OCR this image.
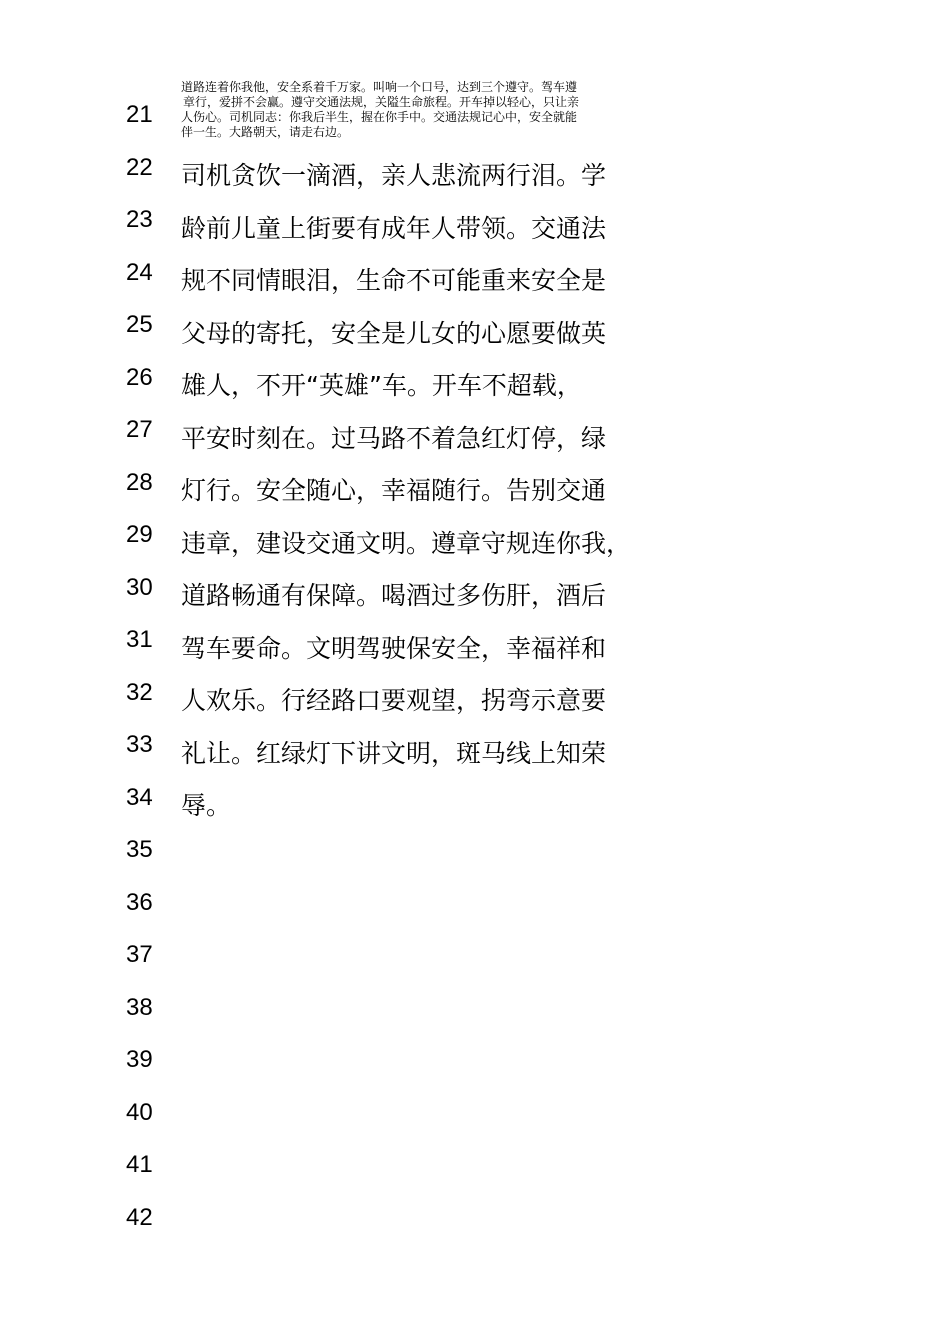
21
22
23
24
25
26
27
28
29
30
31
32
33
34
35
36
37
38
39
40
41
42

道路连着你我他，安全系着千万家。叫响一个口号，达到三个遵守。驾车遵
章行，爱拼不会赢。遵守交通法规，关隘生命旅程。开车掉以轻心，只让亲
人伤心。司机同志：你我后半生，握在你手中。交通法规记心中，安全就能
伴一生。大路朝天，请走右边。

司机贪饮一滴酒，亲人悲流两行泪。学
龄前儿童上街要有成年人带领。交通法
规不同情眼泪，生命不可能重来安全是
父母的寄托，安全是儿女的心愿要做英
雄人，不开“英雄”车。开车不超载，
平安时刻在。过马路不着急红灯停，绿
灯行。安全随心，幸福随行。告别交通
违章，建设交通文明。遵章守规连你我，
道路畅通有保障。喝酒过多伤肝，酒后
驾车要命。文明驾驶保安全，幸福祥和
人欢乐。行经路口要观望，拐弯示意要
礼让。红绿灯下讲文明，斑马线上知荣
辱。
